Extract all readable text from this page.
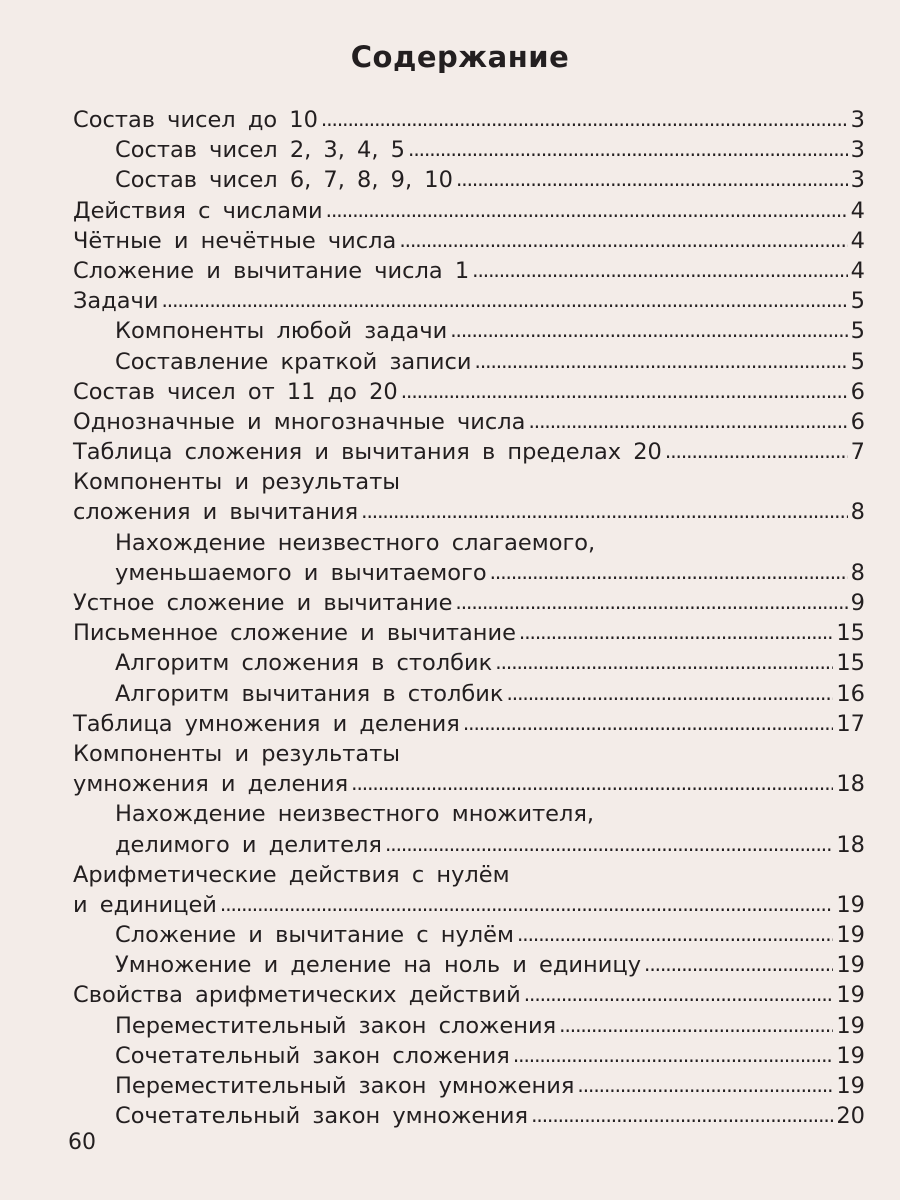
Содержание
Состав чисел до 10 . . .	3
Состав чисел 2, 3, 4, 5 . . .	3
Состав чисел 6, 7, 8, 9, 10 . . .	3
Действия с числами . . .	4
Чётные и нечётные числа . . .	4
Сложение и вычитание числа 1 . . .	4
Задачи . . .	5
Компоненты любой задачи . . .	5
Составление краткой записи . . .	5
Состав чисел от 11 до 20 . . .	6
Однозначные и многозначные числа . . .	6
Таблица сложения и вычитания в пределах 20 . . .	7
Компоненты и результаты
сложения и вычитания . . .	8
Нахождение неизвестного слагаемого,
уменьшаемого и вычитаемого . . .	8
Устное сложение и вычитание . . .	9
Письменное сложение и вычитание . . .	15
Алгоритм сложения в столбик . . .	15
Алгоритм вычитания в столбик . . .	16
Таблица умножения и деления . . .	17
Компоненты и результаты
умножения и деления . . .	18
Нахождение неизвестного множителя,
делимого и делителя . . .	18
Арифметические действия с нулём
и единицей . . .	19
Сложение и вычитание с нулём . . .	19
Умножение и деление на ноль и единицу . . .	19
Свойства арифметических действий . . .	19
Переместительный закон сложения . . .	19
Сочетательный закон сложения . . .	19
Переместительный закон умножения . . .	19
Сочетательный закон умножения . . .	20
60
